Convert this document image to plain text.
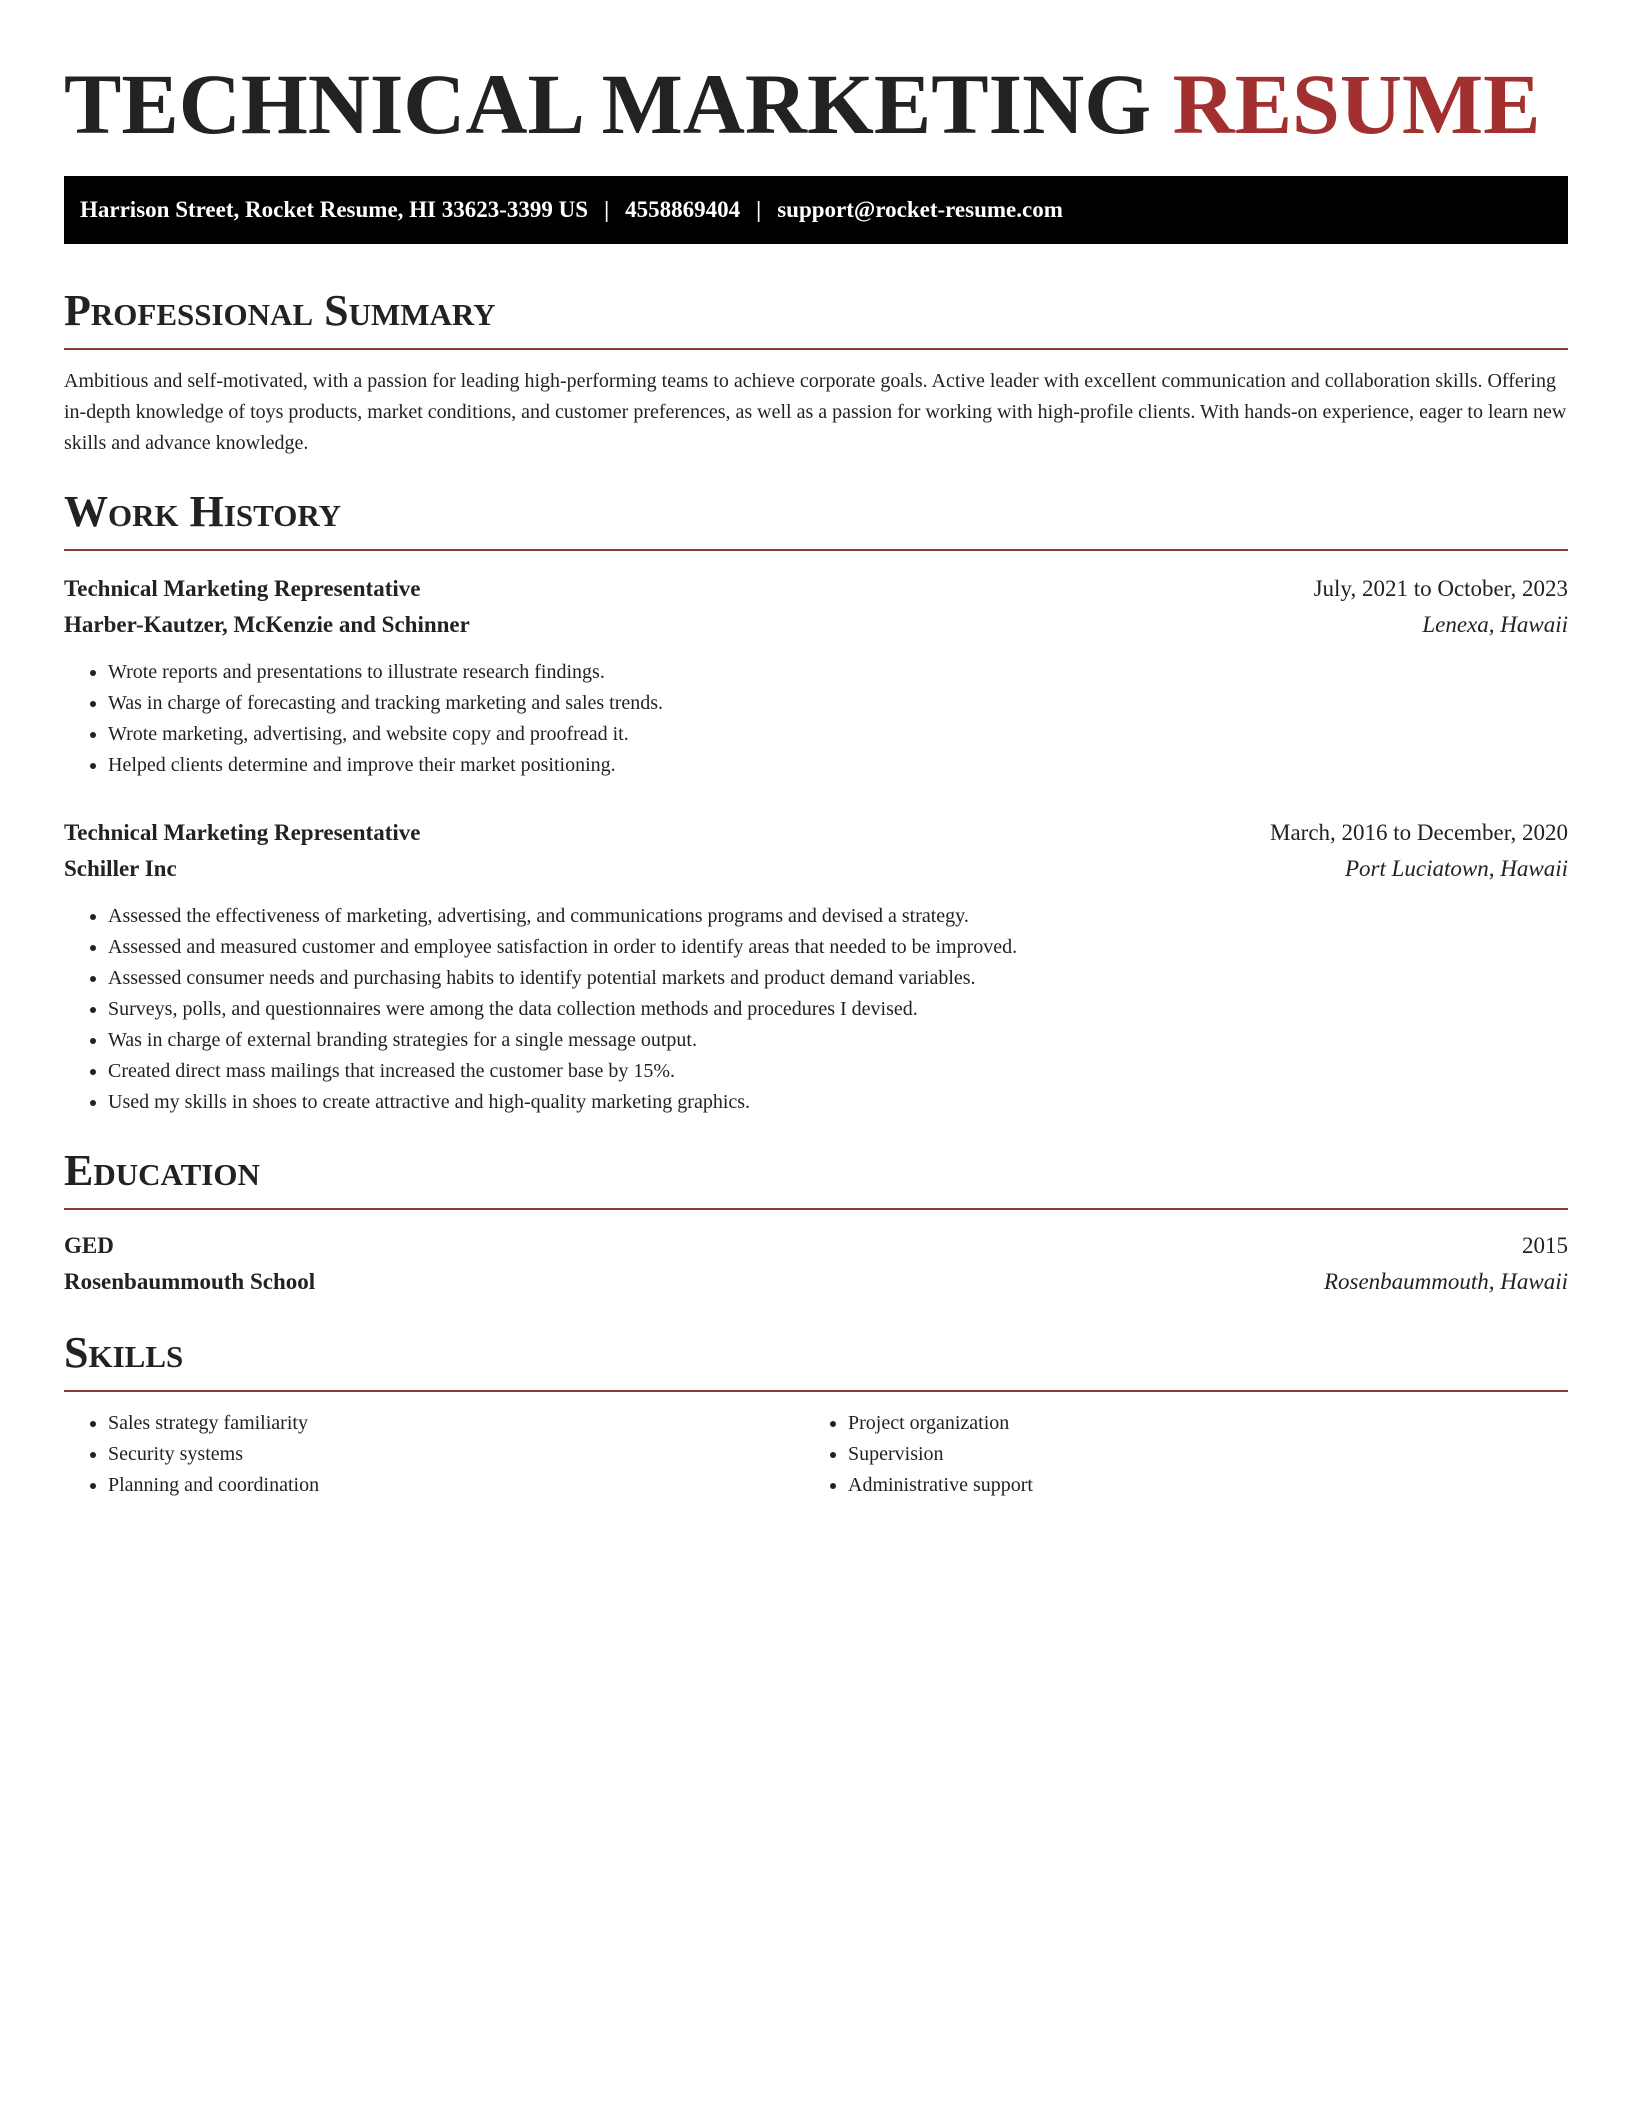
TECHNICAL MARKETING RESUME
Harrison Street, Rocket Resume, HI 33623-3399 US | 4558869404 | support@rocket-resume.com
Professional Summary

Ambitious and self-motivated, with a passion for leading high-performing teams to achieve corporate goals. Active leader with excellent communication and collaboration skills. Offering in-depth knowledge of toys products, market conditions, and customer preferences, as well as a passion for working with high-profile clients. With hands-on experience, eager to learn new skills and advance knowledge.

Work History
Technical Marketing Representative	July, 2021 to October, 2023
Harber-Kautzer, McKenzie and Schinner	Lenexa, Hawaii
• Wrote reports and presentations to illustrate research findings.
• Was in charge of forecasting and tracking marketing and sales trends.
• Wrote marketing, advertising, and website copy and proofread it.
• Helped clients determine and improve their market positioning.
Technical Marketing Representative	March, 2016 to December, 2020
Schiller Inc	Port Luciatown, Hawaii
• Assessed the effectiveness of marketing, advertising, and communications programs and devised a strategy.
• Assessed and measured customer and employee satisfaction in order to identify areas that needed to be improved.
• Assessed consumer needs and purchasing habits to identify potential markets and product demand variables.
• Surveys, polls, and questionnaires were among the data collection methods and procedures I devised.
• Was in charge of external branding strategies for a single message output.
• Created direct mass mailings that increased the customer base by 15%.
• Used my skills in shoes to create attractive and high-quality marketing graphics.
Education
GED	2015
Rosenbaummouth School	Rosenbaummouth, Hawaii
Skills
• Sales strategy familiarity
• Security systems
• Planning and coordination
• Project organization
• Supervision
• Administrative support
